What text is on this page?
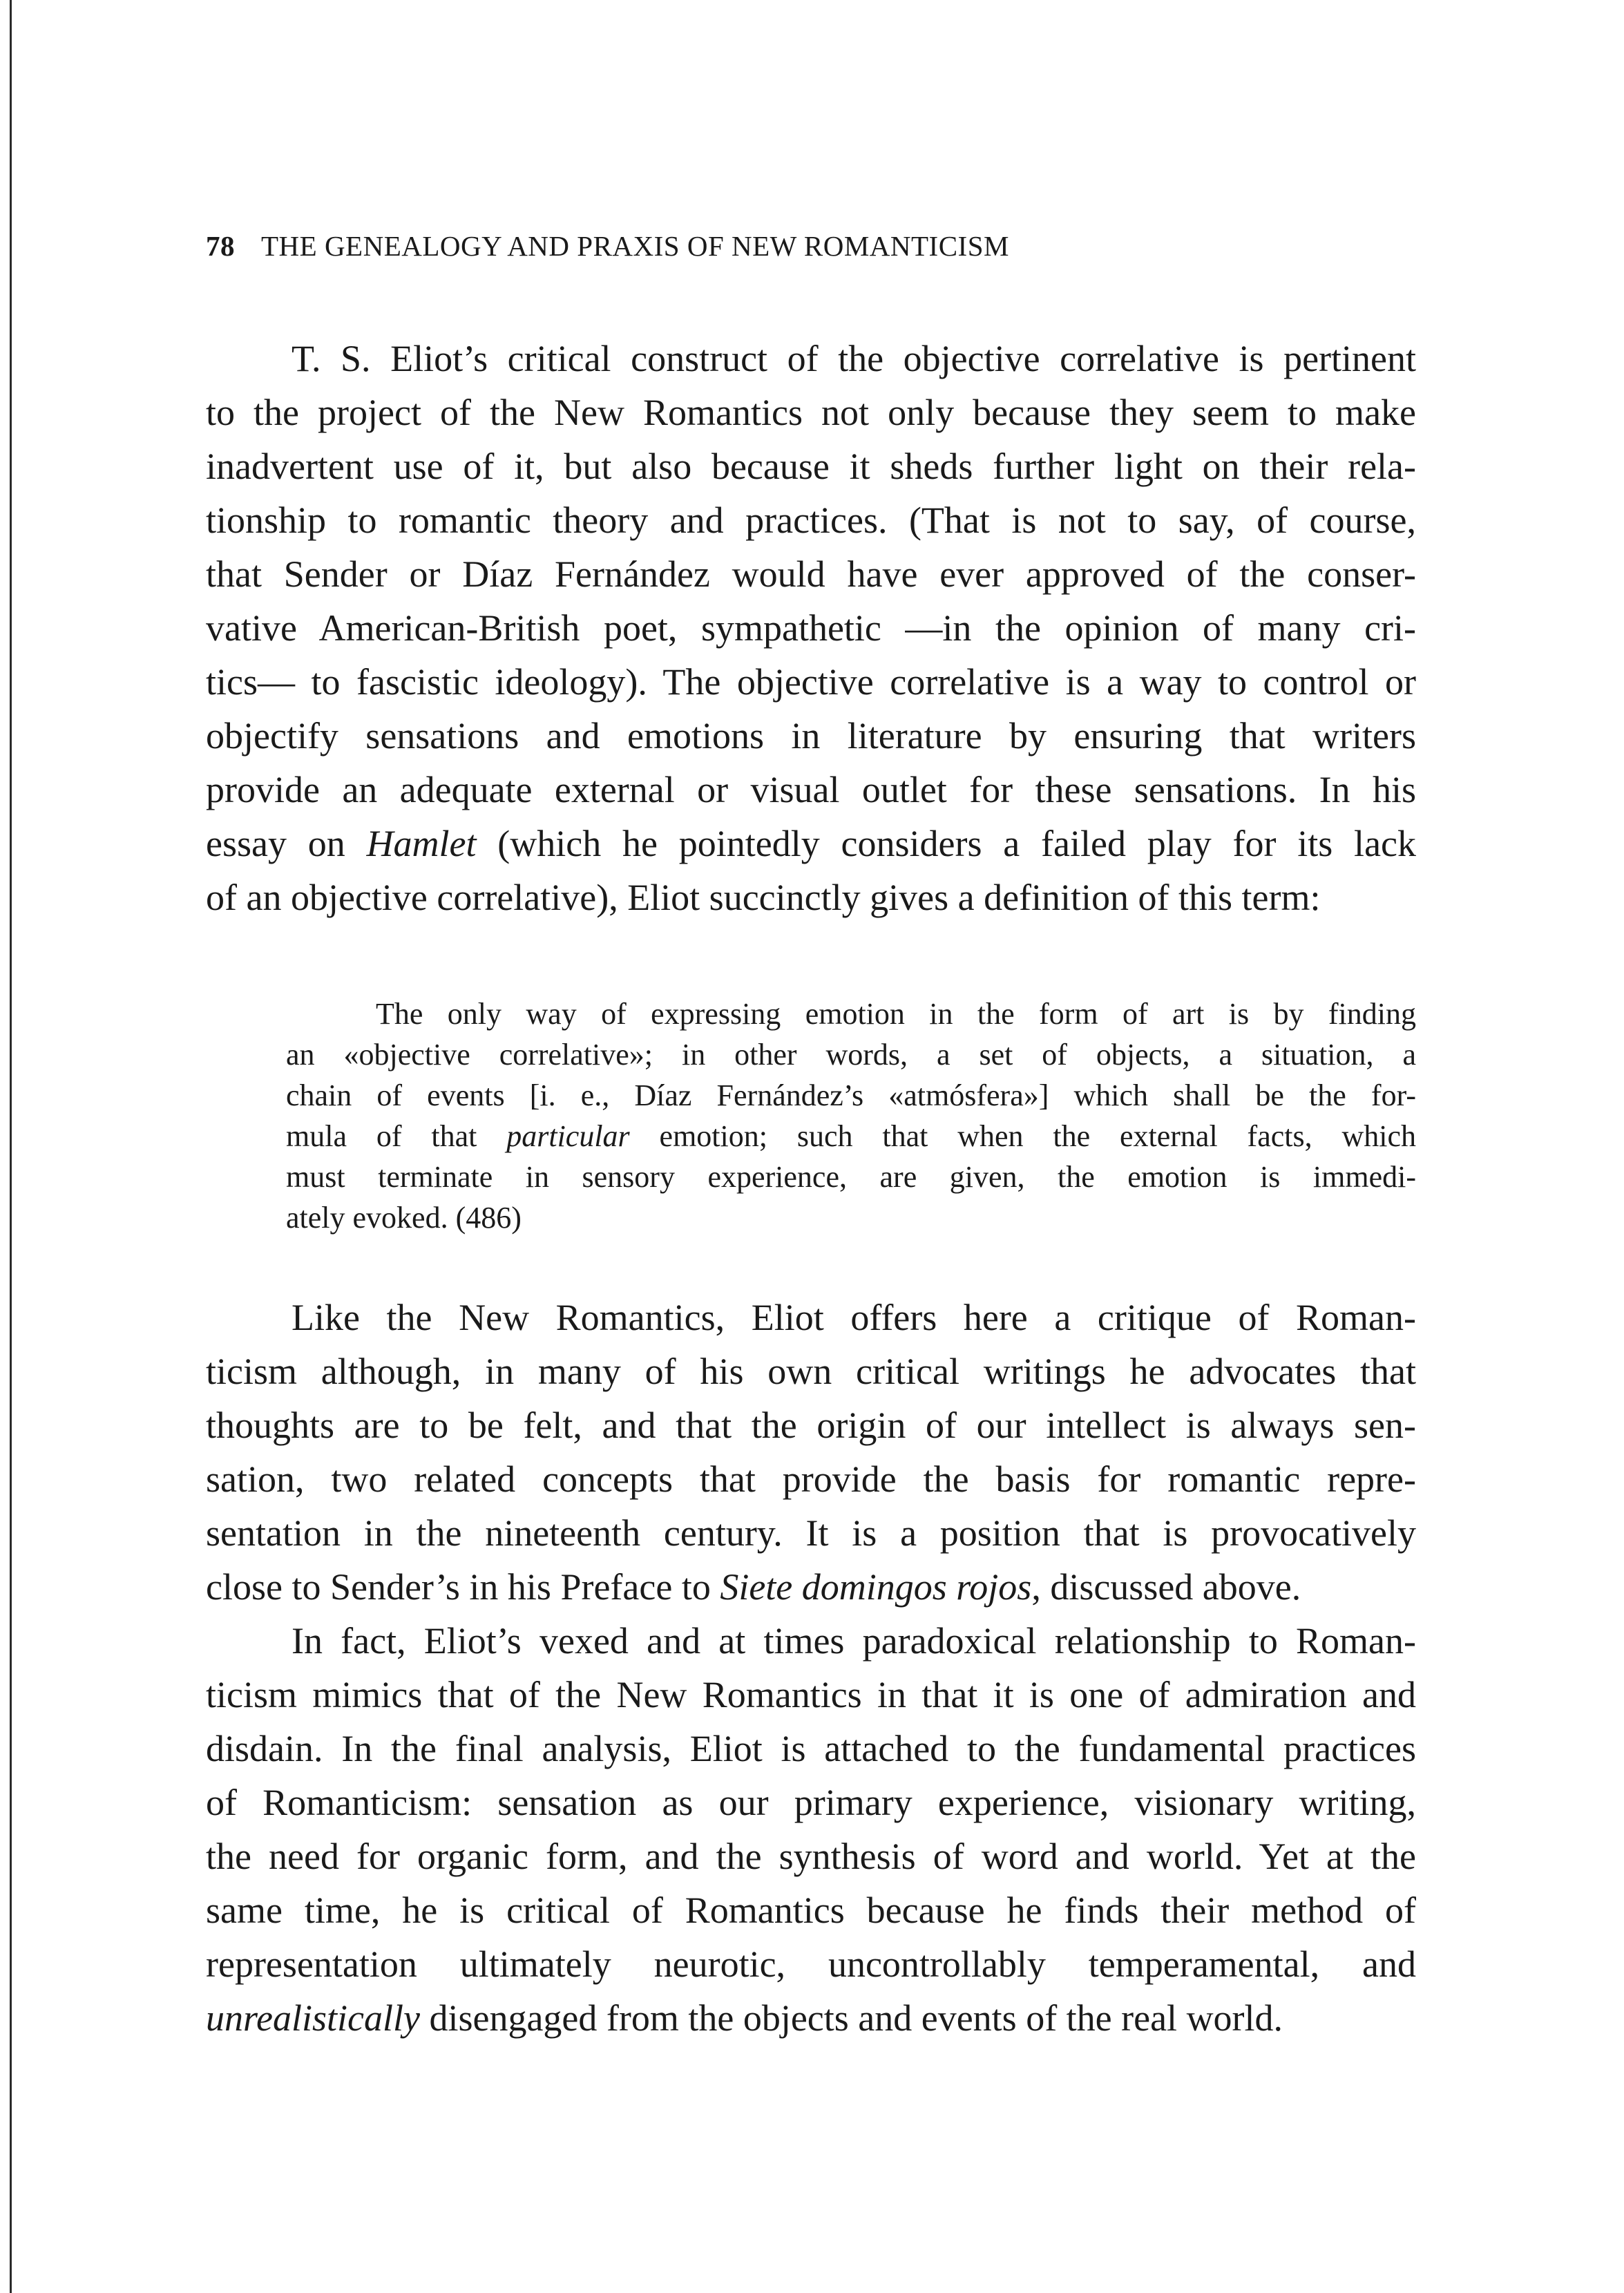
78 THE GENEALOGY AND PRAXIS OF NEW ROMANTICISM

T. S. Eliot’s critical construct of the objective correlative is pertinent
to the project of the New Romantics not only because they seem to make
inadvertent use of it, but also because it sheds further light on their rela-
tionship to romantic theory and practices. (That is not to say, of course,
that Sender or Díaz Fernández would have ever approved of the conser-
vative American-British poet, sympathetic —in the opinion of many cri-
tics— to fascistic ideology). The objective correlative is a way to control or
objectify sensations and emotions in literature by ensuring that writers
provide an adequate external or visual outlet for these sensations. In his
essay on Hamlet (which he pointedly considers a failed play for its lack
of an objective correlative), Eliot succinctly gives a definition of this term:

The only way of expressing emotion in the form of art is by finding
an «objective correlative»; in other words, a set of objects, a situation, a
chain of events [i. e., Díaz Fernández’s «atmósfera»] which shall be the for-
mula of that particular emotion; such that when the external facts, which
must terminate in sensory experience, are given, the emotion is immedi-
ately evoked. (486)

Like the New Romantics, Eliot offers here a critique of Roman-
ticism although, in many of his own critical writings he advocates that
thoughts are to be felt, and that the origin of our intellect is always sen-
sation, two related concepts that provide the basis for romantic repre-
sentation in the nineteenth century. It is a position that is provocatively
close to Sender’s in his Preface to Siete domingos rojos, discussed above.

In fact, Eliot’s vexed and at times paradoxical relationship to Roman-
ticism mimics that of the New Romantics in that it is one of admiration and
disdain. In the final analysis, Eliot is attached to the fundamental practices
of Romanticism: sensation as our primary experience, visionary writing,
the need for organic form, and the synthesis of word and world. Yet at the
same time, he is critical of Romantics because he finds their method of
representation ultimately neurotic, uncontrollably temperamental, and
unrealistically disengaged from the objects and events of the real world.
